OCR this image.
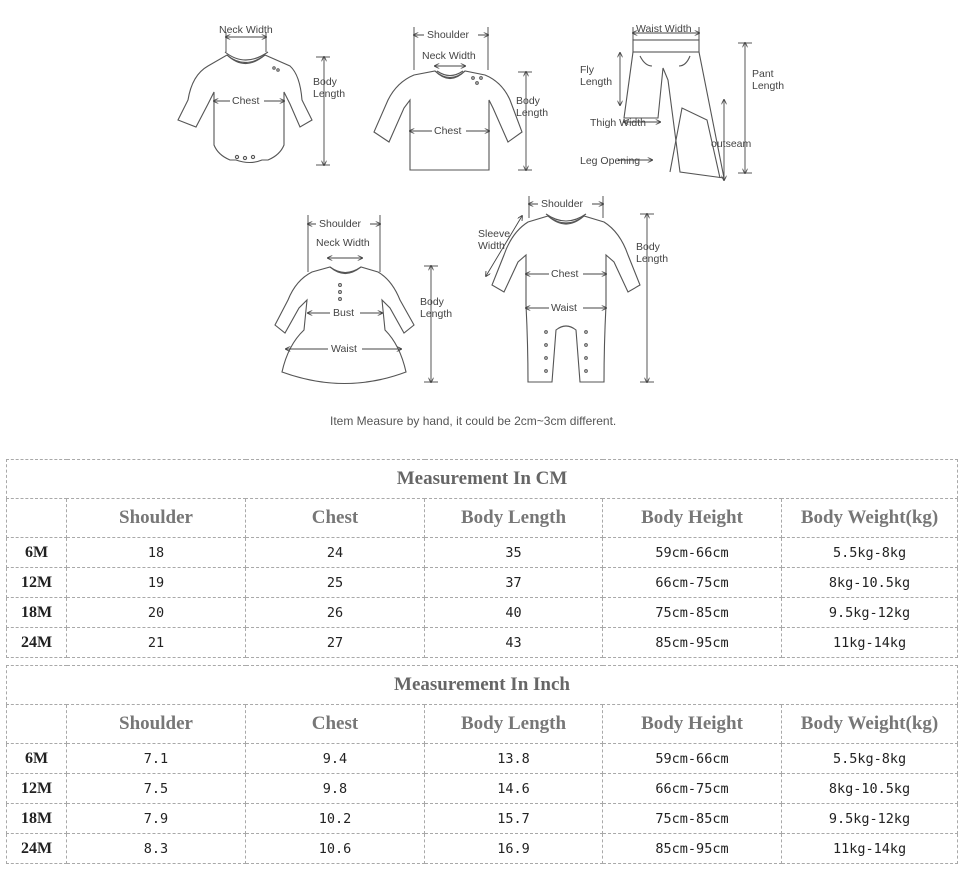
Neck Width
Chest
Body Length
Shoulder
Neck Width
Chest
Body Length
Waist Width
Fly Length
Pant Length
Thigh Width
outseam
Leg Opening
Shoulder
Neck Width
Bust
Waist
Body Length
Shoulder
Sleeve Width
Chest
Waist
Body Length
Item Measure by hand, it could be 2cm~3cm different.
Measurement In CM					
	Shoulder	Chest	Body Length	Body Height	Body Weight(kg)
6M	18	24	35	59cm-66cm	5.5kg-8kg
12M	19	25	37	66cm-75cm	8kg-10.5kg
18M	20	26	40	75cm-85cm	9.5kg-12kg
24M	21	27	43	85cm-95cm	11kg-14kg
Measurement In Inch					
	Shoulder	Chest	Body Length	Body Height	Body Weight(kg)
6M	7.1	9.4	13.8	59cm-66cm	5.5kg-8kg
12M	7.5	9.8	14.6	66cm-75cm	8kg-10.5kg
18M	7.9	10.2	15.7	75cm-85cm	9.5kg-12kg
24M	8.3	10.6	16.9	85cm-95cm	11kg-14kg
